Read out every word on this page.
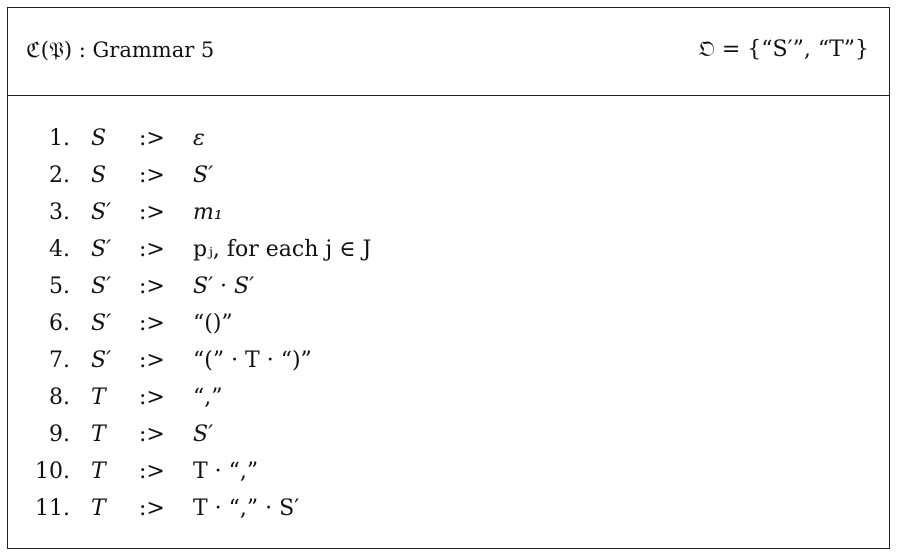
ℭ(𝔓) : Grammar 5	𝔒 = {“S′”, “T”}
1. S :> ε
2. S :> S′
3. S′ :> m₁
4. S′ :> pⱼ, for each j ∈ J
5. S′ :> S′ · S′
6. S′ :> “()”
7. S′ :> “(” · T · “)”
8. T :> “,”
9. T :> S′
10. T :> T · “,”
11. T :> T · “,” · S′
